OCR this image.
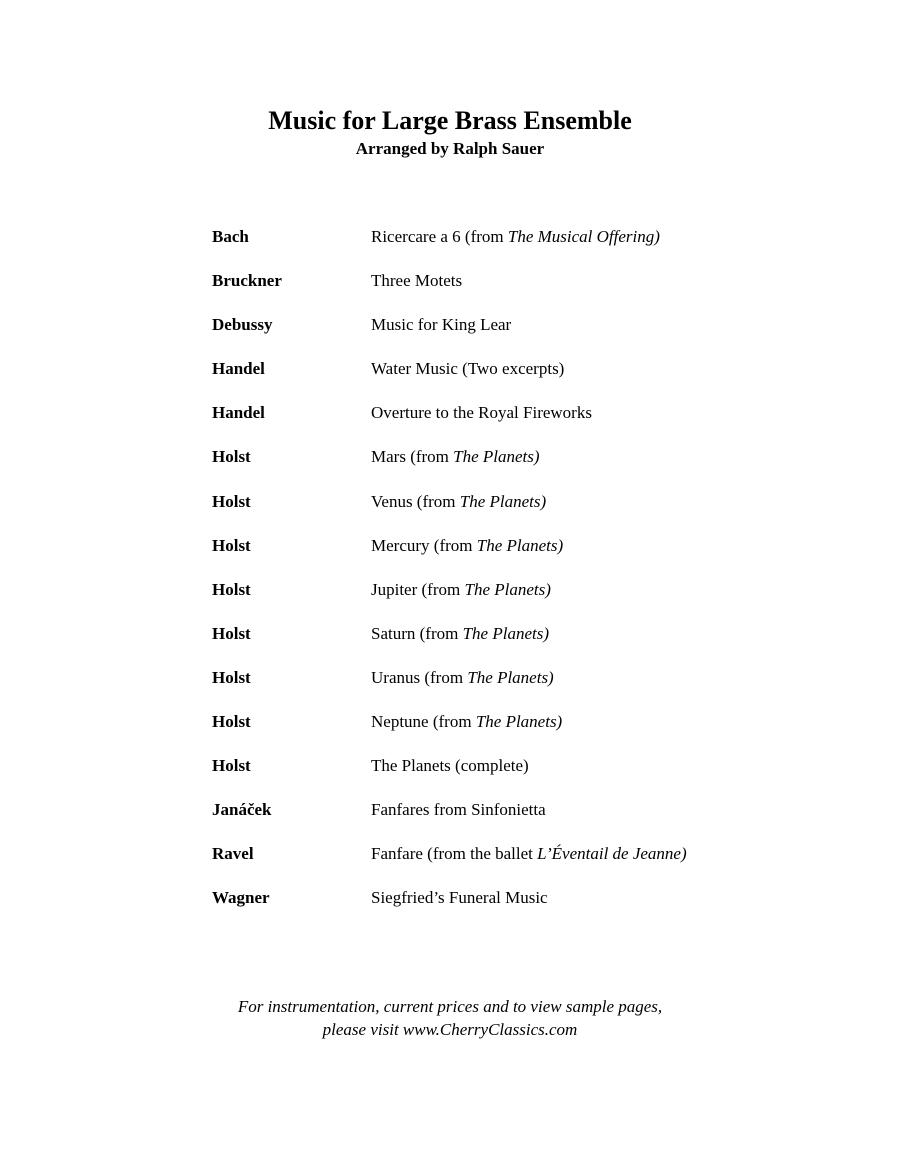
Music for Large Brass Ensemble
Arranged by Ralph Sauer
Bach	Ricercare a 6 (from The Musical Offering)
Bruckner	Three Motets
Debussy	Music for King Lear
Handel	Water Music (Two excerpts)
Handel	Overture to the Royal Fireworks
Holst	Mars (from The Planets)
Holst	Venus (from The Planets)
Holst	Mercury (from The Planets)
Holst	Jupiter (from The Planets)
Holst	Saturn (from The Planets)
Holst	Uranus (from The Planets)
Holst	Neptune (from The Planets)
Holst	The Planets (complete)
Janáček	Fanfares from Sinfonietta
Ravel	Fanfare (from the ballet L’Éventail de Jeanne)
Wagner	Siegfried’s Funeral Music
For instrumentation, current prices and to view sample pages,
please visit www.CherryClassics.com
